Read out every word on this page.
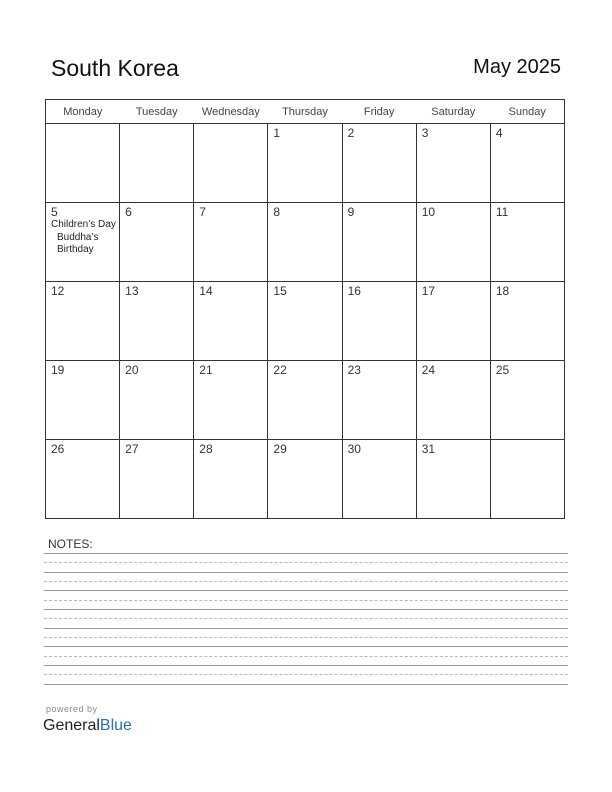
South Korea	May 2025
Monday	Tuesday	Wednesday	Thursday	Friday	Saturday	Sunday

			1	2	3	4

5
Children’s Day
Buddha’s Birthday	6	7	8	9	10	11

12	13	14	15	16	17	18

19	20	21	22	23	24	25

26	27	28	29	30	31	

NOTES:
powered by
GeneralBlue
